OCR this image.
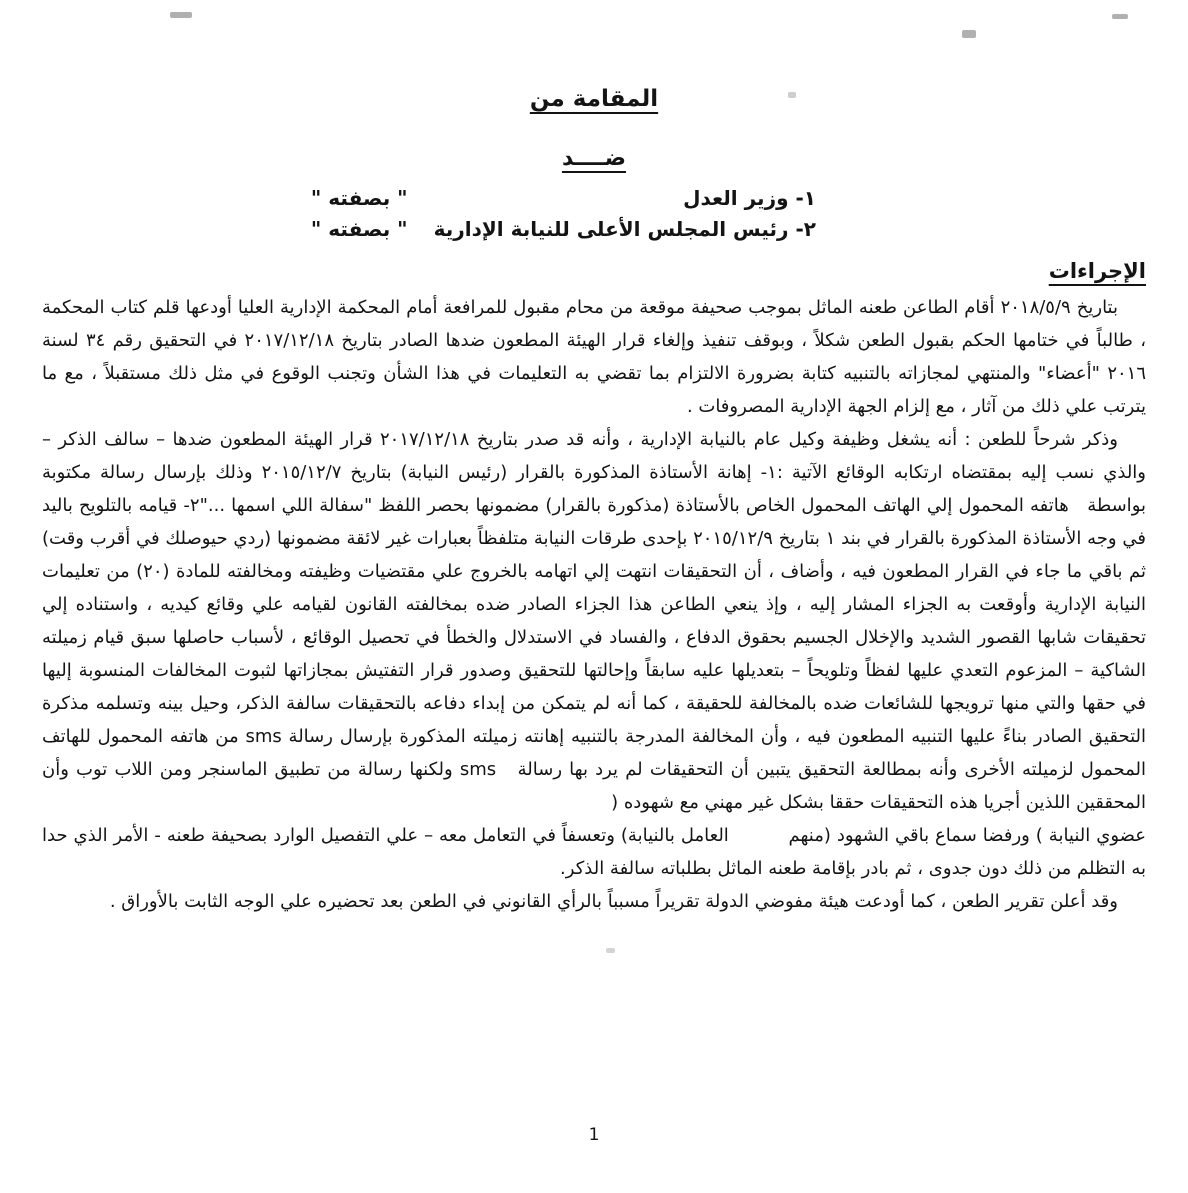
المقامة من
ضــــد
١- وزير العدل
" بصفته "
٢- رئيس المجلس الأعلى للنيابة الإدارية
" بصفته "
الإجراءات

بتاريخ ٢٠١٨/٥/٩ أقام الطاعن طعنه الماثل بموجب صحيفة موقعة من محام مقبول للمرافعة أمام المحكمة الإدارية العليا أودعها قلم كتاب المحكمة ، طالباً في ختامها الحكم بقبول الطعن شكلاً ، وبوقف تنفيذ وإلغاء قرار الهيئة المطعون ضدها الصادر بتاريخ ٢٠١٧/١٢/١٨ في التحقيق رقم ٣٤ لسنة ٢٠١٦ "أعضاء" والمنتهي لمجازاته بالتنبيه كتابة بضرورة الالتزام بما تقضي به التعليمات في هذا الشأن وتجنب الوقوع في مثل ذلك مستقبلاً ، مع ما يترتب علي ذلك من آثار ، مع إلزام الجهة الإدارية المصروفات .

وذكر شرحاً للطعن : أنه يشغل وظيفة وكيل عام بالنيابة الإدارية ، وأنه قد صدر بتاريخ ٢٠١٧/١٢/١٨ قرار الهيئة المطعون ضدها – سالف الذكر – والذي نسب إليه بمقتضاه ارتكابه الوقائع الآتية :١- إهانة الأستاذة المذكورة بالقرار (رئيس النيابة) بتاريخ ٢٠١٥/١٢/٧ وذلك بإرسال رسالة مكتوبة بواسطة   هاتفه المحمول إلي الهاتف المحمول الخاص بالأستاذة (مذكورة بالقرار) مضمونها بحصر اللفظ "سفالة اللي اسمها ..."٢- قيامه بالتلويح باليد في وجه الأستاذة المذكورة بالقرار في بند ١ بتاريخ ٢٠١٥/١٢/٩ بإحدى طرقات النيابة متلفظاً بعبارات غير لائقة مضمونها (ردي حيوصلك في أقرب وقت) ثم باقي ما جاء في القرار المطعون فيه ، وأضاف ، أن التحقيقات انتهت إلي اتهامه بالخروج علي مقتضيات وظيفته ومخالفته للمادة (٢٠) من تعليمات النيابة الإدارية وأوقعت به الجزاء المشار إليه ، وإذ ينعي الطاعن هذا الجزاء الصادر ضده بمخالفته القانون لقيامه علي وقائع كيديه ، واستناده إلي تحقيقات شابها القصور الشديد والإخلال الجسيم بحقوق الدفاع ، والفساد في الاستدلال والخطأ في تحصيل الوقائع ، لأسباب حاصلها سبق قيام زميلته الشاكية – المزعوم التعدي عليها لفظاً وتلويحاً – بتعديلها عليه سابقاً وإحالتها للتحقيق وصدور قرار التفتيش بمجازاتها لثبوت المخالفات المنسوبة إليها في حقها والتي منها ترويجها للشائعات ضده بالمخالفة للحقيقة ، كما أنه لم يتمكن من إبداء دفاعه بالتحقيقات سالفة الذكر، وحيل بينه وتسلمه مذكرة التحقيق الصادر بناءً عليها التنبيه المطعون فيه ، وأن المخالفة المدرجة بالتنبيه إهانته زميلته المذكورة بإرسال رسالة sms من هاتفه المحمول للهاتف المحمول لزميلته الأخرى وأنه بمطالعة التحقيق يتبين أن التحقيقات لم يرد بها رسالة   sms ولكنها رسالة من تطبيق الماسنجر ومن اللاب توب وأن المحققين اللذين أجريا هذه التحقيقات حققا بشكل غير مهني مع شهوده (

عضوي النيابة ) ورفضا سماع باقي الشهود (منهم          العامل بالنيابة) وتعسفاً في التعامل معه – علي التفصيل الوارد بصحيفة طعنه - الأمر الذي حدا به التظلم من ذلك دون جدوى ، ثم بادر بإقامة طعنه الماثل بطلباته سالفة الذكر.

وقد أعلن تقرير الطعن ، كما أودعت هيئة مفوضي الدولة تقريراً مسبباً بالرأي القانوني في الطعن بعد تحضيره علي الوجه الثابت بالأوراق .

1
